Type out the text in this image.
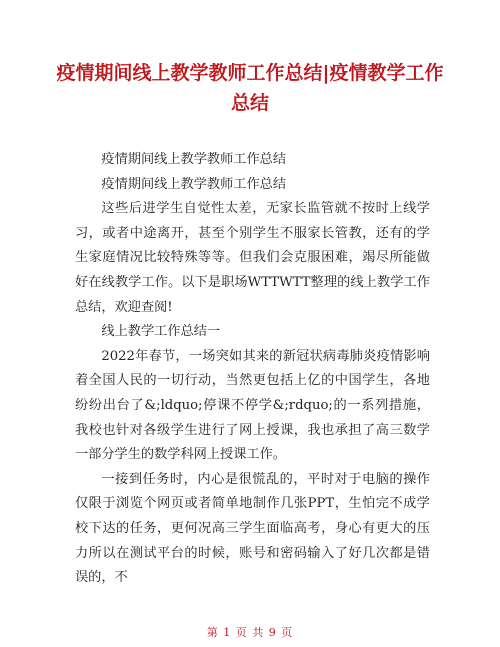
疫情期间线上教学教师工作总结|疫情教学工作
总结

疫情期间线上教学教师工作总结

疫情期间线上教学教师工作总结

这些后进学生自觉性太差，无家长监管就不按时上线学习，或者中途离开，甚至个别学生不服家长管教，还有的学生家庭情况比较特殊等等。但我们会克服困难，竭尽所能做好在线教学工作。以下是职场WTTWTT整理的线上教学工作总结，欢迎查阅!

线上教学工作总结一

2022年春节，一场突如其来的新冠状病毒肺炎疫情影响着全国人民的一切行动，当然更包括上亿的中国学生，各地纷纷出台了&;ldquo;停课不停学&;rdquo;的一系列措施，我校也针对各级学生进行了网上授课，我也承担了高三数学一部分学生的数学科网上授课工作。

一接到任务时，内心是很慌乱的，平时对于电脑的操作仅限于浏览个网页或者简单地制作几张PPT，生怕完不成学校下达的任务，更何况高三学生面临高考，身心有更大的压力所以在测试平台的时候，账号和密码输入了好几次都是错误的，不

第 1 页 共 9 页
